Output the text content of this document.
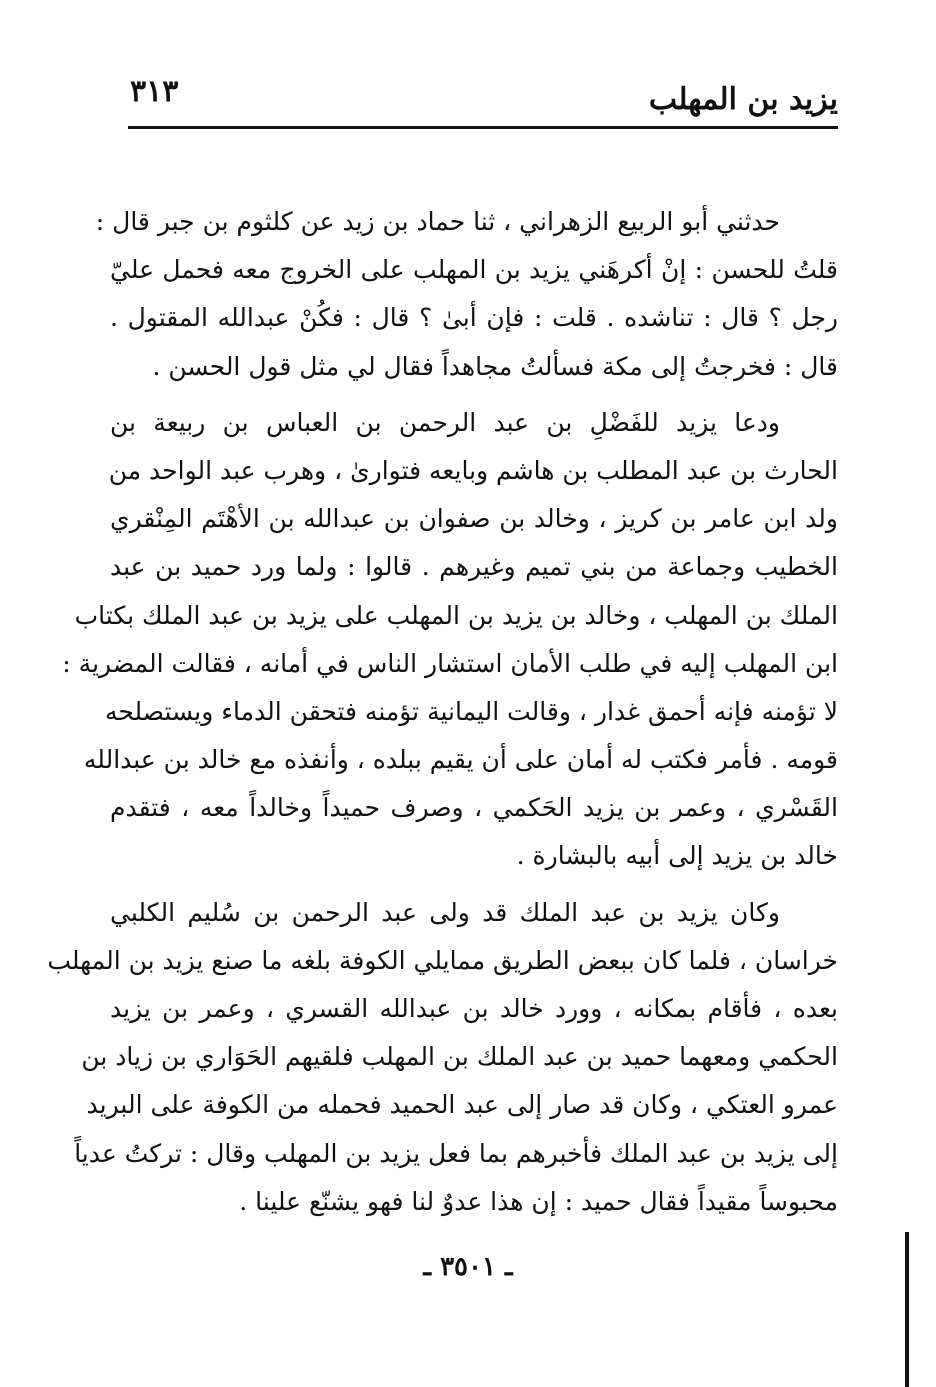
يزيد بن المهلب
٣١٣
حدثني أبو الربيع الزهراني ، ثنا حماد بن زيد عن كلثوم بن جبر قال :
قلتُ للحسن : إنْ أكرهَني يزيد بن المهلب على الخروج معه فحمل عليّ
رجل ؟ قال : تناشده . قلت : فإن أبىٰ ؟ قال : فكُنْ عبدالله المقتول .
قال : فخرجتُ إلى مكة فسألتُ مجاهداً فقال لي مثل قول الحسن .
ودعا يزيد للفَضْلِ بن عبد الرحمن بن العباس بن ربيعة بن
الحارث بن عبد المطلب بن هاشم وبايعه فتوارىٰ ، وهرب عبد الواحد من
ولد ابن عامر بن كريز ، وخالد بن صفوان بن عبدالله بن الأهْتَم المِنْقري
الخطيب وجماعة من بني تميم وغيرهم . قالوا : ولما ورد حميد بن عبد
الملك بن المهلب ، وخالد بن يزيد بن المهلب على يزيد بن عبد الملك بكتاب
ابن المهلب إليه في طلب الأمان استشار الناس في أمانه ، فقالت المضرية :
لا تؤمنه فإنه أحمق غدار ، وقالت اليمانية تؤمنه فتحقن الدماء ويستصلحه
قومه . فأمر فكتب له أمان على أن يقيم ببلده ، وأنفذه مع خالد بن عبدالله
القَسْري ، وعمر بن يزيد الحَكمي ، وصرف حميداً وخالداً معه ، فتقدم
خالد بن يزيد إلى أبيه بالبشارة .
وكان يزيد بن عبد الملك قد ولى عبد الرحمن بن سُليم الكلبي
خراسان ، فلما كان ببعض الطريق ممايلي الكوفة بلغه ما صنع يزيد بن المهلب
بعده ، فأقام بمكانه ، وورد خالد بن عبدالله القسري ، وعمر بن يزيد
الحكمي ومعهما حميد بن عبد الملك بن المهلب فلقيهم الحَوَاري بن زياد بن
عمرو العتكي ، وكان قد صار إلى عبد الحميد فحمله من الكوفة على البريد
إلى يزيد بن عبد الملك فأخبرهم بما فعل يزيد بن المهلب وقال : تركتُ عدياً
محبوساً مقيداً فقال حميد : إن هذا عدوٌ لنا فهو يشنّع علينا .
ـ ٣٥٠١ ـ
